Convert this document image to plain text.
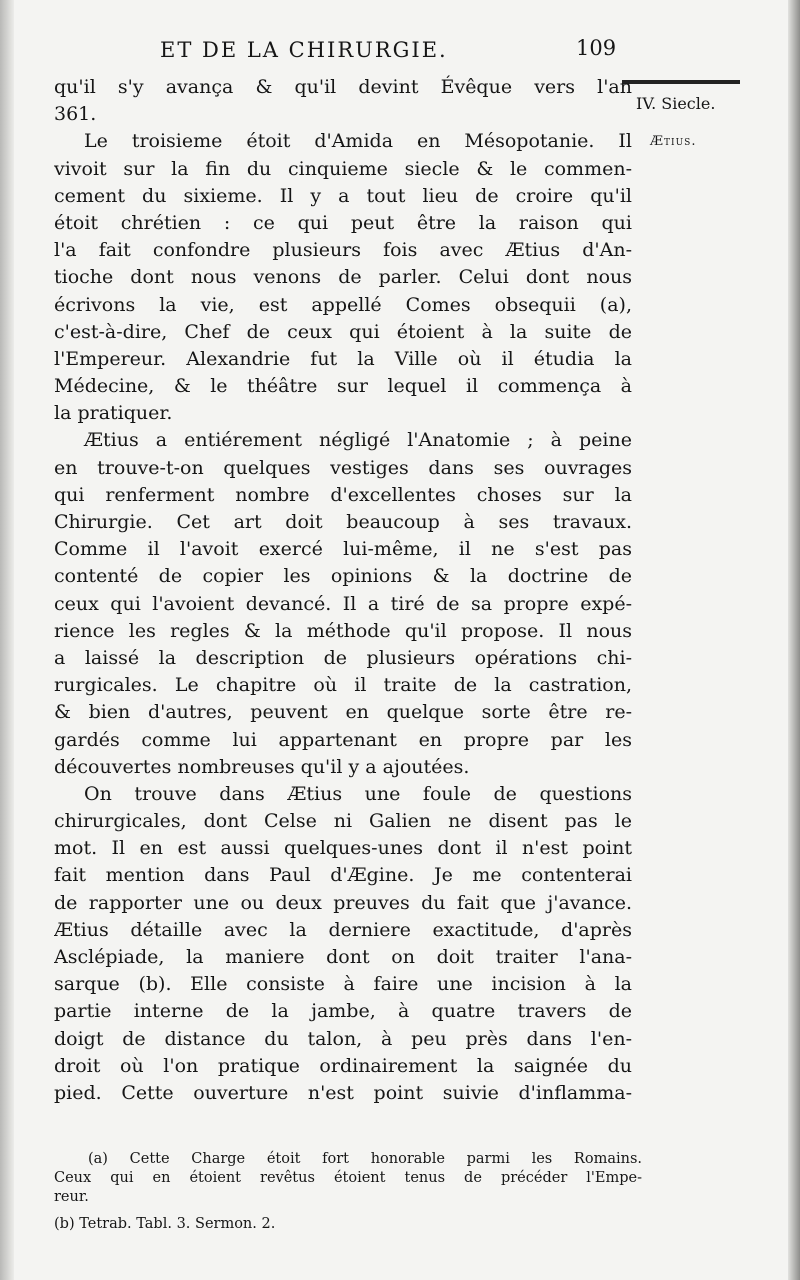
ET DE LA CHIRURGIE.	109
IV. Siecle.
Ætius.
qu'il s'y avança & qu'il devint Évêque vers l'an
361.
Le troisieme étoit d'Amida en Mésopotanie. Il
vivoit sur la fin du cinquieme siecle & le commen-
cement du sixieme. Il y a tout lieu de croire qu'il
étoit chrétien : ce qui peut être la raison qui
l'a fait confondre plusieurs fois avec Ætius d'An-
tioche dont nous venons de parler. Celui dont nous
écrivons la vie, est appellé Comes obsequii (a),
c'est-à-dire, Chef de ceux qui étoient à la suite de
l'Empereur. Alexandrie fut la Ville où il étudia la
Médecine, & le théâtre sur lequel il commença à
la pratiquer.
Ætius a entiérement négligé l'Anatomie ; à peine
en trouve-t-on quelques vestiges dans ses ouvrages
qui renferment nombre d'excellentes choses sur la
Chirurgie. Cet art doit beaucoup à ses travaux.
Comme il l'avoit exercé lui-même, il ne s'est pas
contenté de copier les opinions & la doctrine de
ceux qui l'avoient devancé. Il a tiré de sa propre expé-
rience les regles & la méthode qu'il propose. Il nous
a laissé la description de plusieurs opérations chi-
rurgicales. Le chapitre où il traite de la castration,
& bien d'autres, peuvent en quelque sorte être re-
gardés comme lui appartenant en propre par les
découvertes nombreuses qu'il y a ajoutées.
On trouve dans Ætius une foule de questions
chirurgicales, dont Celse ni Galien ne disent pas le
mot. Il en est aussi quelques-unes dont il n'est point
fait mention dans Paul d'Ægine. Je me contenterai
de rapporter une ou deux preuves du fait que j'avance.
Ætius détaille avec la derniere exactitude, d'après
Asclépiade, la maniere dont on doit traiter l'ana-
sarque (b). Elle consiste à faire une incision à la
partie interne de la jambe, à quatre travers de
doigt de distance du talon, à peu près dans l'en-
droit où l'on pratique ordinairement la saignée du
pied. Cette ouverture n'est point suivie d'inflamma-
(a) Cette Charge étoit fort honorable parmi les Romains.
Ceux qui en étoient revêtus étoient tenus de précéder l'Empe-
reur.
(b) Tetrab. Tabl. 3. Sermon. 2.
